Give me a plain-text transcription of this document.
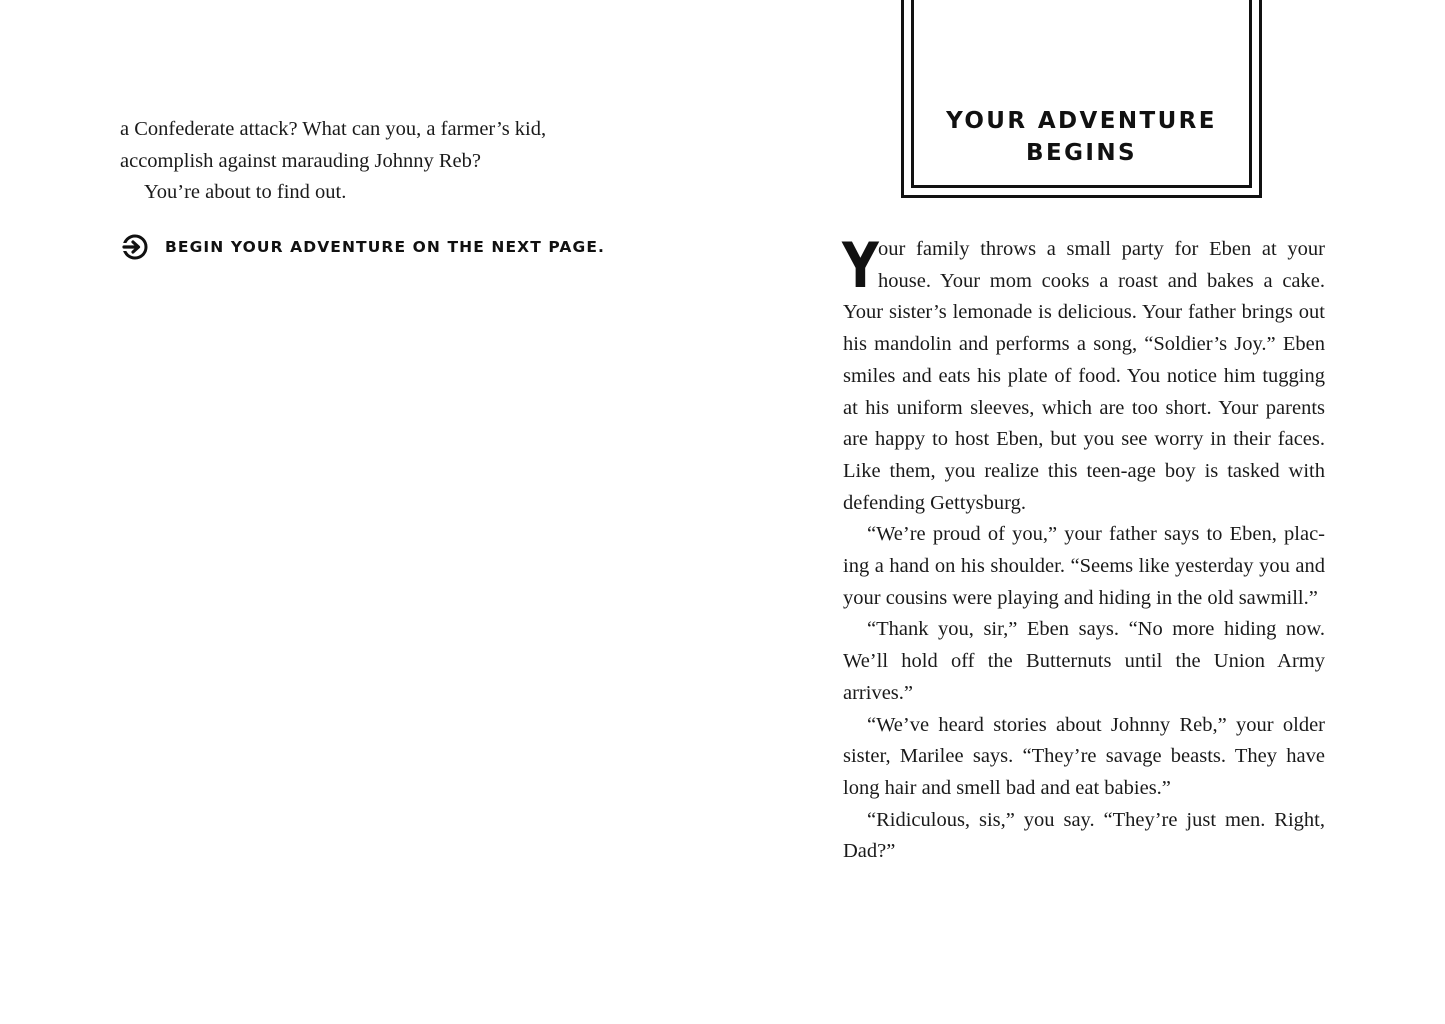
a Confederate attack? What can you, a farmer’s kid, accomplish against marauding Johnny Reb?

You’re about to find out.

BEGIN YOUR ADVENTURE ON THE NEXT PAGE.
YOUR ADVENTURE
BEGINS

Y our family throws a small party for Eben at your house. Your mom cooks a roast and bakes a cake. Your sister’s lemonade is delicious. Your father brings out his mandolin and performs a song, “Soldier’s Joy.” Eben smiles and eats his plate of food. You notice him tugging at his uniform sleeves, which are too short. Your parents are happy to host Eben, but you see worry in their faces. Like them, you realize this teen-age boy is tasked with defending Gettysburg.

“We’re proud of you,” your father says to Eben, plac-ing a hand on his shoulder. “Seems like yesterday you and your cousins were playing and hiding in the old sawmill.”

“Thank you, sir,” Eben says. “No more hiding now. We’ll hold off the Butternuts until the Union Army arrives.”

“We’ve heard stories about Johnny Reb,” your older sister, Marilee says. “They’re savage beasts. They have long hair and smell bad and eat babies.”

“Ridiculous, sis,” you say. “They’re just men. Right, Dad?”
